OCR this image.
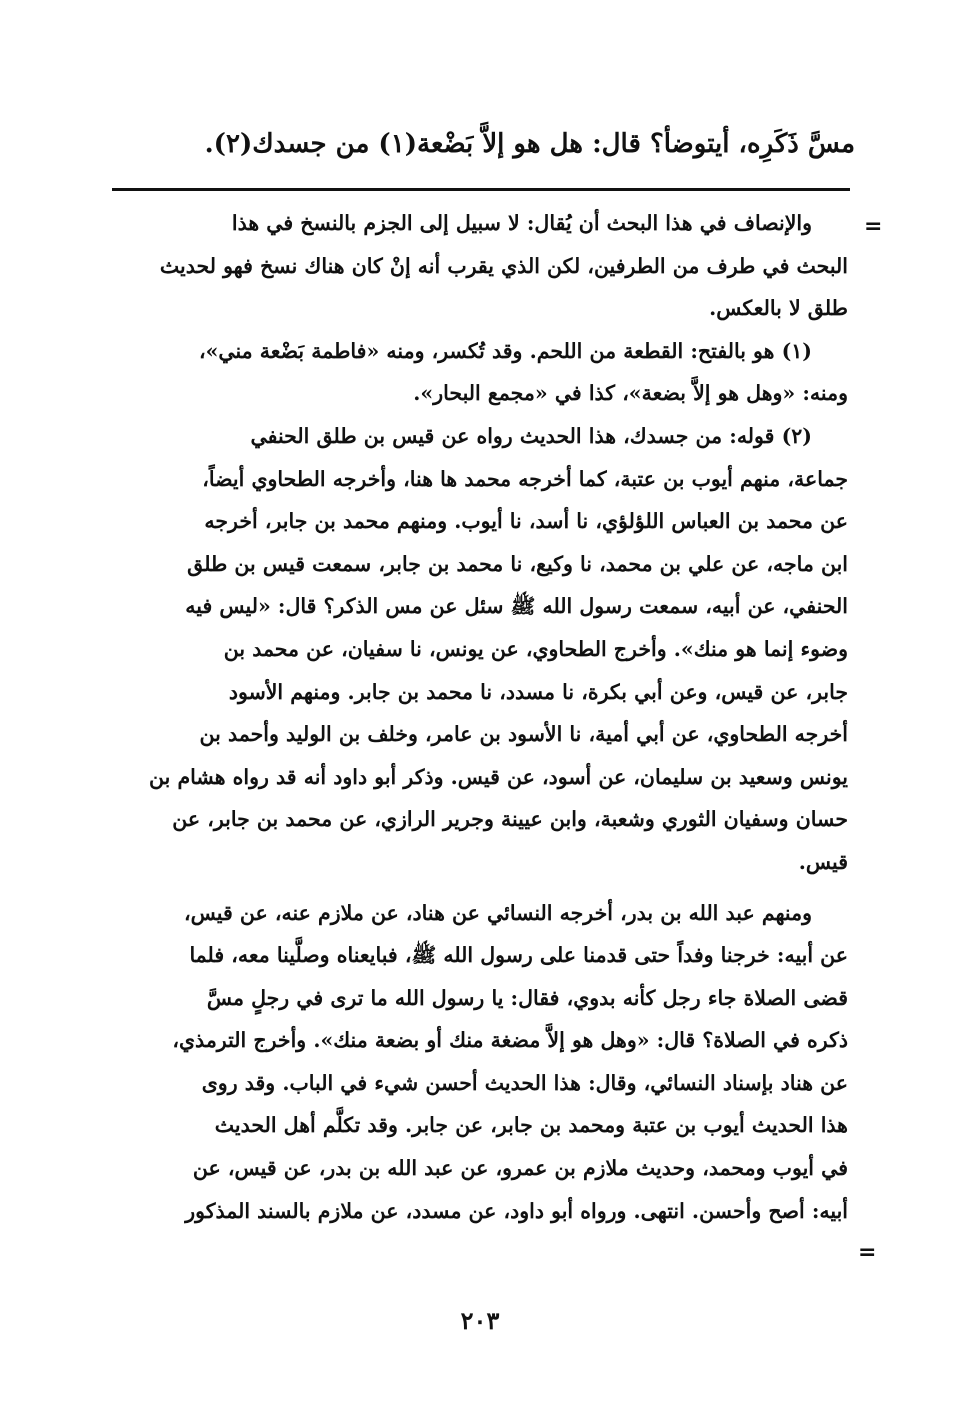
مسَّ ذَكَرِه، أيتوضأ؟ قال: هل هو إلاَّ بَضْعة(١) من جسدك(٢).
=
والإنصاف في هذا البحث أن يُقال: لا سبيل إلى الجزم بالنسخ في هذا
البحث في طرف من الطرفين، لكن الذي يقرب أنه إنْ كان هناك نسخ فهو لحديث
طلق لا بالعكس.
(١) هو بالفتح: القطعة من اللحم. وقد تُكسر، ومنه «فاطمة بَضْعة مني»،
ومنه: «وهل هو إلاَّ بضعة»، كذا في «مجمع البحار».
(٢) قوله: من جسدك، هذا الحديث رواه عن قيس بن طلق الحنفي
جماعة، منهم أيوب بن عتبة، كما أخرجه محمد ها هنا، وأخرجه الطحاوي أيضاً،
عن محمد بن العباس اللؤلؤي، نا أسد، نا أيوب. ومنهم محمد بن جابر، أخرجه
ابن ماجه، عن علي بن محمد، نا وكيع، نا محمد بن جابر، سمعت قيس بن طلق
الحنفي، عن أبيه، سمعت رسول الله ﷺ سئل عن مس الذكر؟ قال: «ليس فيه
وضوء إنما هو منك». وأخرج الطحاوي، عن يونس، نا سفيان، عن محمد بن
جابر، عن قيس، وعن أبي بكرة، نا مسدد، نا محمد بن جابر. ومنهم الأسود
أخرجه الطحاوي، عن أبي أمية، نا الأسود بن عامر، وخلف بن الوليد وأحمد بن
يونس وسعيد بن سليمان، عن أسود، عن قيس. وذكر أبو داود أنه قد رواه هشام بن
حسان وسفيان الثوري وشعبة، وابن عيينة وجرير الرازي، عن محمد بن جابر، عن
قيس.
ومنهم عبد الله بن بدر، أخرجه النسائي عن هناد، عن ملازم عنه، عن قيس،
عن أبيه: خرجنا وفداً حتى قدمنا على رسول الله ﷺ، فبايعناه وصلَّينا معه، فلما
قضى الصلاة جاء رجل كأنه بدوي، فقال: يا رسول الله ما ترى في رجلٍ مسَّ
ذكره في الصلاة؟ قال: «وهل هو إلاَّ مضغة منك أو بضعة منك». وأخرج الترمذي،
عن هناد بإسناد النسائي، وقال: هذا الحديث أحسن شيء في الباب. وقد روى
هذا الحديث أيوب بن عتبة ومحمد بن جابر، عن جابر. وقد تكلَّم أهل الحديث
في أيوب ومحمد، وحديث ملازم بن عمرو، عن عبد الله بن بدر، عن قيس، عن
أبيه: أصح وأحسن. انتهى. ورواه أبو داود، عن مسدد، عن ملازم بالسند المذكور
=
٢٠٣
